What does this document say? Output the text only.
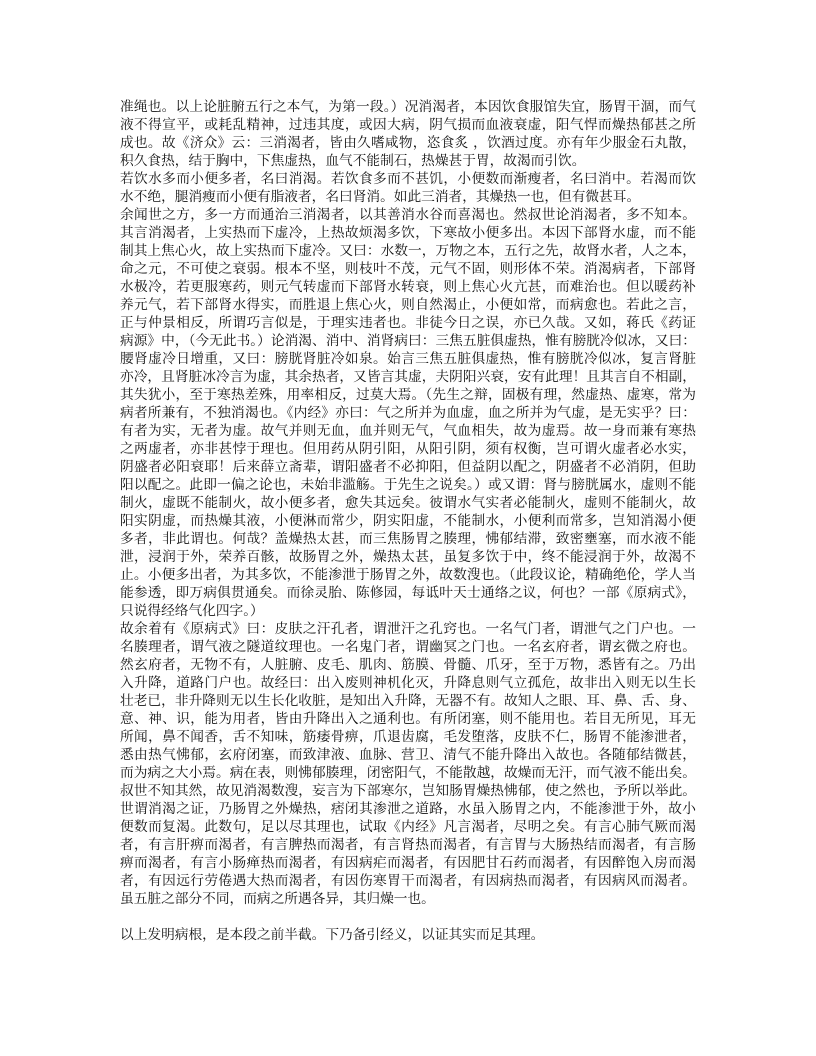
准绳也。以上论脏腑五行之本气，为第一段。）况消渴者，本因饮食服馆失宜，肠胃干涸，而气
液不得宣平，或耗乱精神，过违其度，或因大病，阴气损而血液衰虚，阳气悍而燥热郁甚之所
成也。故《济众》云：三消渴者，皆由久嗜咸物，恣食炙 ，饮酒过度。亦有年少服金石丸散，
积久食热，结于胸中，下焦虚热，血气不能制石，热燥甚于胃，故渴而引饮。
若饮水多而小便多者，名曰消渴。若饮食多而不甚饥，小便数而渐瘦者，名曰消中。若渴而饮
水不绝，腿消瘦而小便有脂液者，名曰肾消。如此三消者，其燥热一也，但有微甚耳。
余闻世之方，多一方而通治三消渴者，以其善消水谷而喜渴也。然叔世论消渴者，多不知本。
其言消渴者，上实热而下虚冷，上热故烦渴多饮，下寒故小便多出。本因下部肾水虚，而不能
制其上焦心火，故上实热而下虚冷。又曰：水数一，万物之本，五行之先，故肾水者，人之本，
命之元，不可使之衰弱。根本不坚，则枝叶不茂，元气不固，则形体不荣。消渴病者，下部肾
水极冷，若更服寒药，则元气转虚而下部肾水转衰，则上焦心火亢甚，而难治也。但以暖药补
养元气，若下部肾水得实，而胜退上焦心火，则自然渴止，小便如常，而病愈也。若此之言，
正与仲景相反，所谓巧言似是，于理实违者也。非徒今日之误，亦已久哉。又如，蒋氏《药证
病源》中，（今无此书。）论消渴、消中、消肾病曰：三焦五脏俱虚热，惟有膀胱冷似冰，又曰：
腰肾虚冷日增重，又曰：膀胱肾脏冷如泉。始言三焦五脏俱虚热，惟有膀胱冷似冰，复言肾脏
亦冷，且肾脏冰冷言为虚，其余热者，又皆言其虚，夫阴阳兴衰，安有此理！且其言自不相副，
其失犹小，至于寒热差殊，用率相反，过莫大焉。（先生之辩，固极有理，然虚热、虚寒，常为
病者所兼有，不独消渴也。《内经》亦曰：气之所并为血虚，血之所并为气虚，是无实乎？曰：
有者为实，无者为虚。故气并则无血，血并则无气，气血相失，故为虚焉。故一身而兼有寒热
之两虚者，亦非甚悖于理也。但用药从阴引阳，从阳引阴，须有权衡，岂可谓火虚者必水实，
阴盛者必阳衰耶！后来薛立斋辈，谓阳盛者不必抑阳，但益阴以配之，阴盛者不必消阴，但助
阳以配之。此即一偏之论也，未始非滥觞。于先生之说矣。）或又谓：肾与膀胱属水，虚则不能
制火，虚既不能制火，故小便多者，愈失其远矣。彼谓水气实者必能制火，虚则不能制火，故
阳实阴虚，而热燥其液，小便淋而常少，阴实阳虚，不能制水，小便利而常多，岂知消渴小便
多者，非此谓也。何哉？盖燥热太甚，而三焦肠胃之腠理，怫郁结滞，致密壅塞，而水液不能
泄，浸润于外，荣养百骸，故肠胃之外，燥热太甚，虽复多饮于中，终不能浸润于外，故渴不
止。小便多出者，为其多饮，不能渗泄于肠胃之外，故数溲也。（此段议论，精确绝伦，学人当
能参透，即万病俱贯通矣。而徐灵胎、陈修园，每诋叶天士通络之议，何也？一部《原病式》，
只说得经络气化四字。）
故余着有《原病式》曰：皮肤之汗孔者，谓泄汗之孔窍也。一名气门者，谓泄气之门户也。一
名腠理者，谓气液之隧道纹理也。一名鬼门者，谓幽冥之门也。一名玄府者，谓玄微之府也。
然玄府者，无物不有，人脏腑、皮毛、肌肉、筋膜、骨髓、爪牙，至于万物，悉皆有之。乃出
入升降，道路门户也。故经曰：出入废则神机化灭，升降息则气立孤危，故非出入则无以生长
壮老已，非升降则无以生长化收脏，是知出入升降，无器不有。故知人之眼、耳、鼻、舌、身、
意、神、识，能为用者，皆由升降出入之通利也。有所闭塞，则不能用也。若目无所见，耳无
所闻，鼻不闻香，舌不知味，筋痿骨痹，爪退齿腐，毛发堕落，皮肤不仁，肠胃不能渗泄者，
悉由热气怫郁，玄府闭塞，而致津液、血脉、营卫、清气不能升降出入故也。各随郁结微甚，
而为病之大小焉。病在表，则怫郁腠理，闭密阳气，不能散越，故燥而无汗，而气液不能出矣。
叔世不知其然，故见消渴数溲，妄言为下部寒尔，岂知肠胃燥热怫郁，使之然也，予所以举此。
世谓消渴之证，乃肠胃之外燥热，痞闭其渗泄之道路，水虽入肠胃之内，不能渗泄于外，故小
便数而复渴。此数句，足以尽其理也，试取《内经》凡言渴者，尽明之矣。有言心肺气厥而渴
者，有言肝痹而渴者，有言脾热而渴者，有言肾热而渴者，有言胃与大肠热结而渴者，有言肠
痹而渴者，有言小肠瘅热而渴者，有因病疟而渴者，有因肥甘石药而渴者，有因醉饱入房而渴
者，有因远行劳倦遇大热而渴者，有因伤寒胃干而渴者，有因病热而渴者，有因病风而渴者。
虽五脏之部分不同，而病之所遇各异，其归燥一也。
以上发明病根，是本段之前半截。下乃备引经义，以证其实而足其理。
